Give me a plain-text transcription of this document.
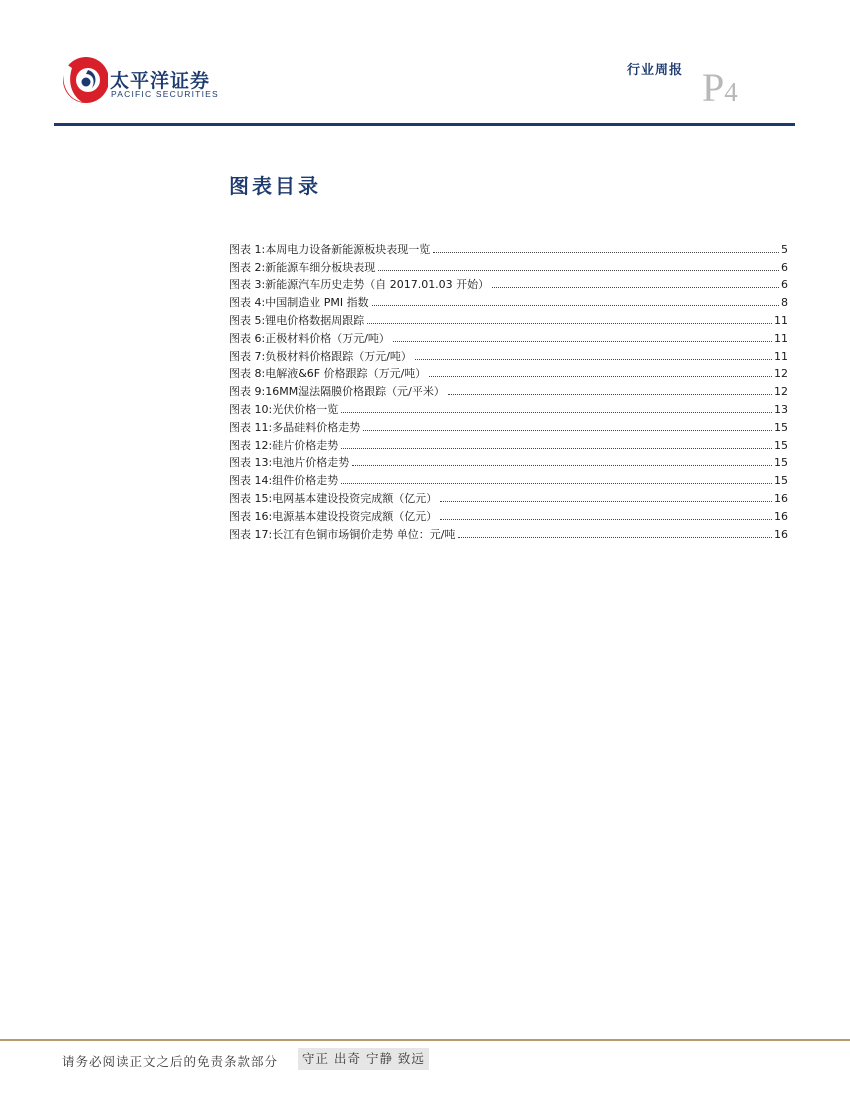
太平洋证券
PACIFIC SECURITIES
行业周报 P4
图表目录
图表 1: 本周电力设备新能源板块表现一览	5
图表 2: 新能源车细分板块表现	6
图表 3: 新能源汽车历史走势（自 2017.01.03 开始）	6
图表 4: 中国制造业 PMI 指数	8
图表 5: 锂电价格数据周跟踪	11
图表 6: 正极材料价格（万元/吨）	11
图表 7: 负极材料价格跟踪（万元/吨）	11
图表 8: 电解液&6F 价格跟踪（万元/吨）	12
图表 9: 16MM湿法隔膜价格跟踪（元/平米）	12
图表 10: 光伏价格一览	13
图表 11: 多晶硅料价格走势	15
图表 12: 硅片价格走势	15
图表 13: 电池片价格走势	15
图表 14: 组件价格走势	15
图表 15: 电网基本建设投资完成额（亿元）	16
图表 16: 电源基本建设投资完成额（亿元）	16
图表 17: 长江有色铜市场铜价走势 单位：元/吨	16
请务必阅读正文之后的免责条款部分	守正 出奇 宁静 致远
